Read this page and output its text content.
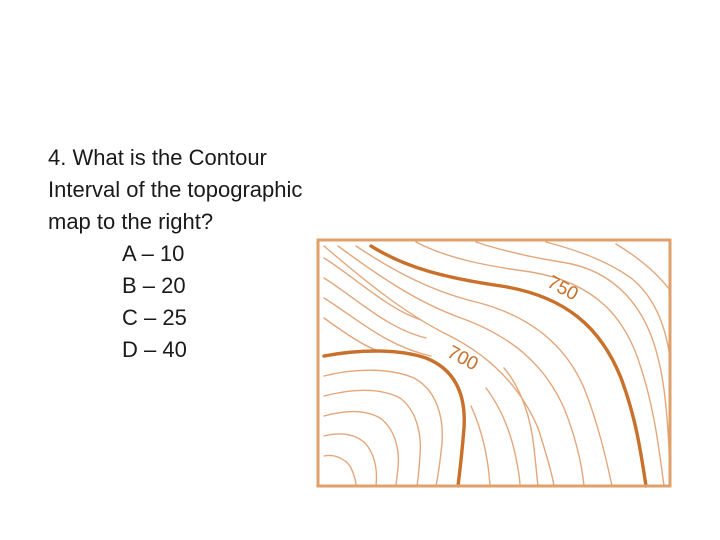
4. What is the Contour

Interval of the topographic

map to the right?

A – 10
B – 20
C – 25
D – 40
750
700
